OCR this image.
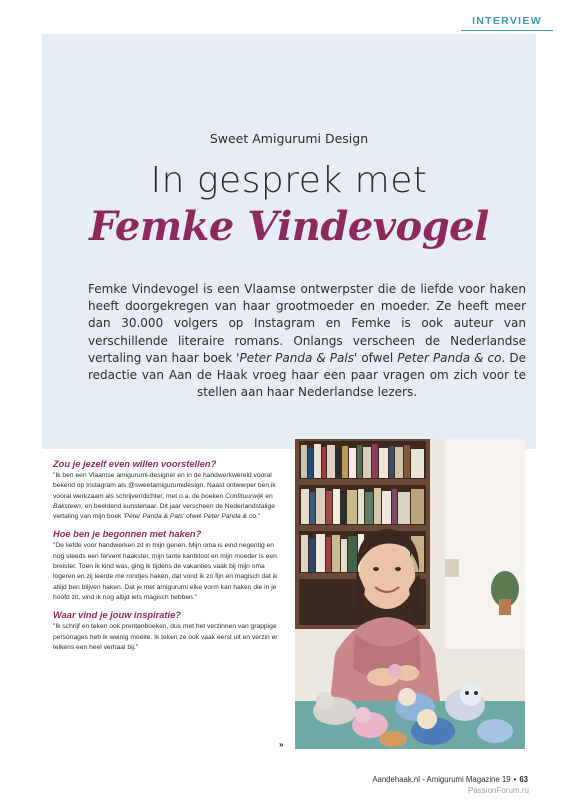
INTERVIEW
Sweet Amigurumi Design
In gesprek met
Femke Vindevogel

Femke Vindevogel is een Vlaamse ontwerpster die de liefde voor haken heeft doorgekregen van haar grootmoeder en moeder. Ze heeft meer dan 30.000 volgers op Instagram en Femke is ook auteur van verschillende literaire romans. Onlangs verscheen de Nederlandse vertaling van haar boek 'Peter Panda & Pals' ofwel Peter Panda & co. De redactie van Aan de Haak vroeg haar een paar vragen om zich voor te stellen aan haar Nederlandse lezers.

Zou je jezelf even willen voorstellen?

"Ik ben een Vlaamse amigurumi-designer en in de handwerkwereld vooral bekend op Instagram als @sweetamigurumidesign. Naast ontwerper ben ik vooral werkzaam als schrijver/dichter, met o.a. de boeken Confituurwijk en Baksteen, en beeldend kunstenaar. Dit jaar verscheen de Nederlandstalige vertaling van mijn boek 'Peter Panda & Pals' ofwel Peter Panda & co."

Hoe ben je begonnen met haken?

"De liefde voor handwerken zit in mijn genen. Mijn oma is eind negentig en nog steeds een fervent haakster, mijn tante kantklost en mijn moeder is een breister. Toen ik kind was, ging ik tijdens de vakanties vaak bij mijn oma logeren en zij leerde me rondjes haken, dat vond ik zo fijn en magisch dat ik altijd ben blijven haken. Dat je met amigurumi elke vorm kan haken die in je hoofd zit, vind ik nog altijd iets magisch hebben."

Waar vind je jouw inspiratie?

"Ik schrijf en teken ook prentenboeken, dus met het verzinnen van grappige personages heb ik weinig moeite. Ik teken ze ook vaak eerst uit en verzin er telkens een heel verhaal bij."

»
Aandehaak.nl - Amigurumi Magazine 19 • 63
PassionForum.ru
